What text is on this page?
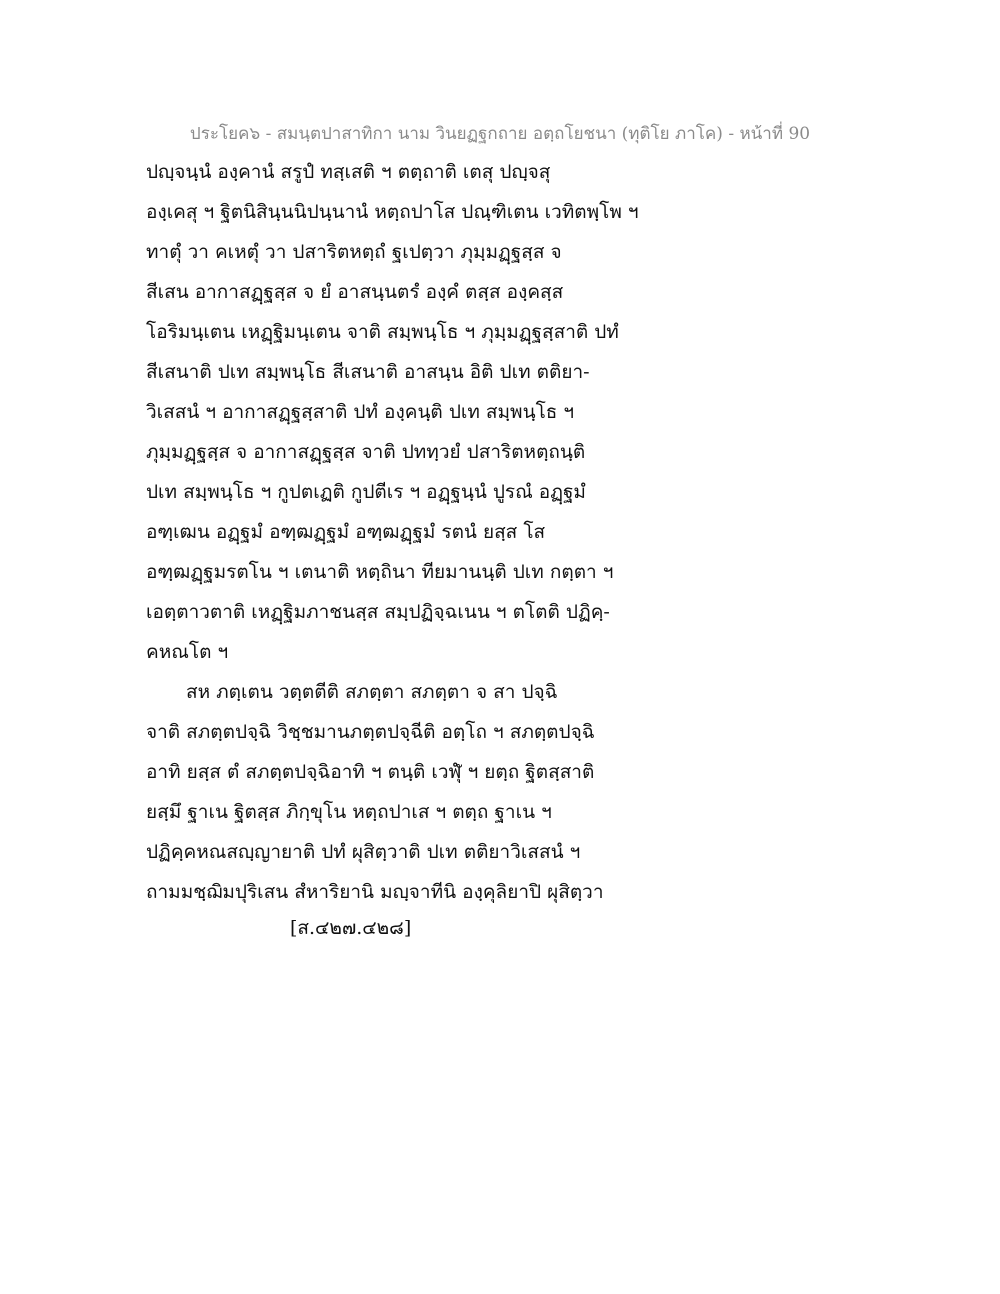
ประโยค๖ - สมนฺตปาสาทิกา นาม วินยฏฐกถาย อตฺถโยชนา (ทุติโย ภาโค) - หน้าที่ 90
ปญฺจนฺนํ องฺคานํ สรูปํ ทสฺเสติ ฯ ตตฺถาติ เตสุ ปญฺจสุ
องฺเคสุ ฯ ฐิตนิสินฺนนิปนฺนานํ หตฺถปาโส ปณฺฑิเตน เวทิตพฺโพ ฯ
ทาตุํ วา คเหตุํ วา ปสาริตหตฺถํ ฐเปตฺวา ภุมฺมฏฺฐสฺส จ
สีเสน อากาสฏฺฐสฺส จ ยํ อาสนฺนตรํ องฺคํ ตสฺส องฺคสฺส
โอริมนฺเตน เหฏฺฐิมนฺเตน จาติ สมฺพนฺโธ ฯ ภุมฺมฏฺฐสฺสาติ ปทํ
สีเสนาติ ปเท สมฺพนฺโธ สีเสนาติ อาสนฺน อิติ ปเท ตติยา-
วิเสสนํ ฯ อากาสฏฺฐสฺสาติ ปทํ องฺคนฺติ ปเท สมฺพนฺโธ ฯ
ภุมฺมฏฺฐสฺส จ อากาสฏฺฐสฺส จาติ ปททฺวยํ ปสาริตหตฺถนฺติ
ปเท สมฺพนฺโธ ฯ กูปตเฏติ กูปตีเร ฯ อฏฺฐนฺนํ ปูรณํ อฏฺฐมํ
อฑฺเฒน อฏฺฐมํ อฑฺฒฏฺฐมํ อฑฺฒฏฺฐมํ รตนํ ยสฺส โส
อฑฺฒฏฺฐมรตโน ฯ เตนาติ หตฺถินา ทียมานนฺติ ปเท กตฺตา ฯ
เอตฺตาวตาติ เหฏฺฐิมภาชนสฺส สมฺปฏิจฺฉเนน ฯ ตโตติ ปฏิคฺ-
คหณโต ฯ
สห ภตฺเตน วตฺตตีติ สภตฺตา สภตฺตา จ สา ปจฺฉิ
จาติ สภตฺตปจฺฉิ วิชฺชมานภตฺตปจฺฉีติ อตฺโถ ฯ สภตฺตปจฺฉิ
อาทิ ยสฺส ตํ สภตฺตปจฺฉิอาทิ ฯ ตนฺติ เวฬุํ ฯ ยตฺถ ฐิตสฺสาติ
ยสฺมึ ฐาเน ฐิตสฺส ภิกฺขุโน หตฺถปาเส ฯ ตตฺถ ฐาเน ฯ
ปฏิคฺคหณสญฺญายาติ ปทํ ผุสิตฺวาติ ปเท ตติยาวิเสสนํ ฯ
ถามมชฺฌิมปุริเสน สํหาริยานิ มญฺจาทีนิ องฺคุลิยาปิ ผุสิตฺวา
[ส.๔๒๗.๔๒๘]
